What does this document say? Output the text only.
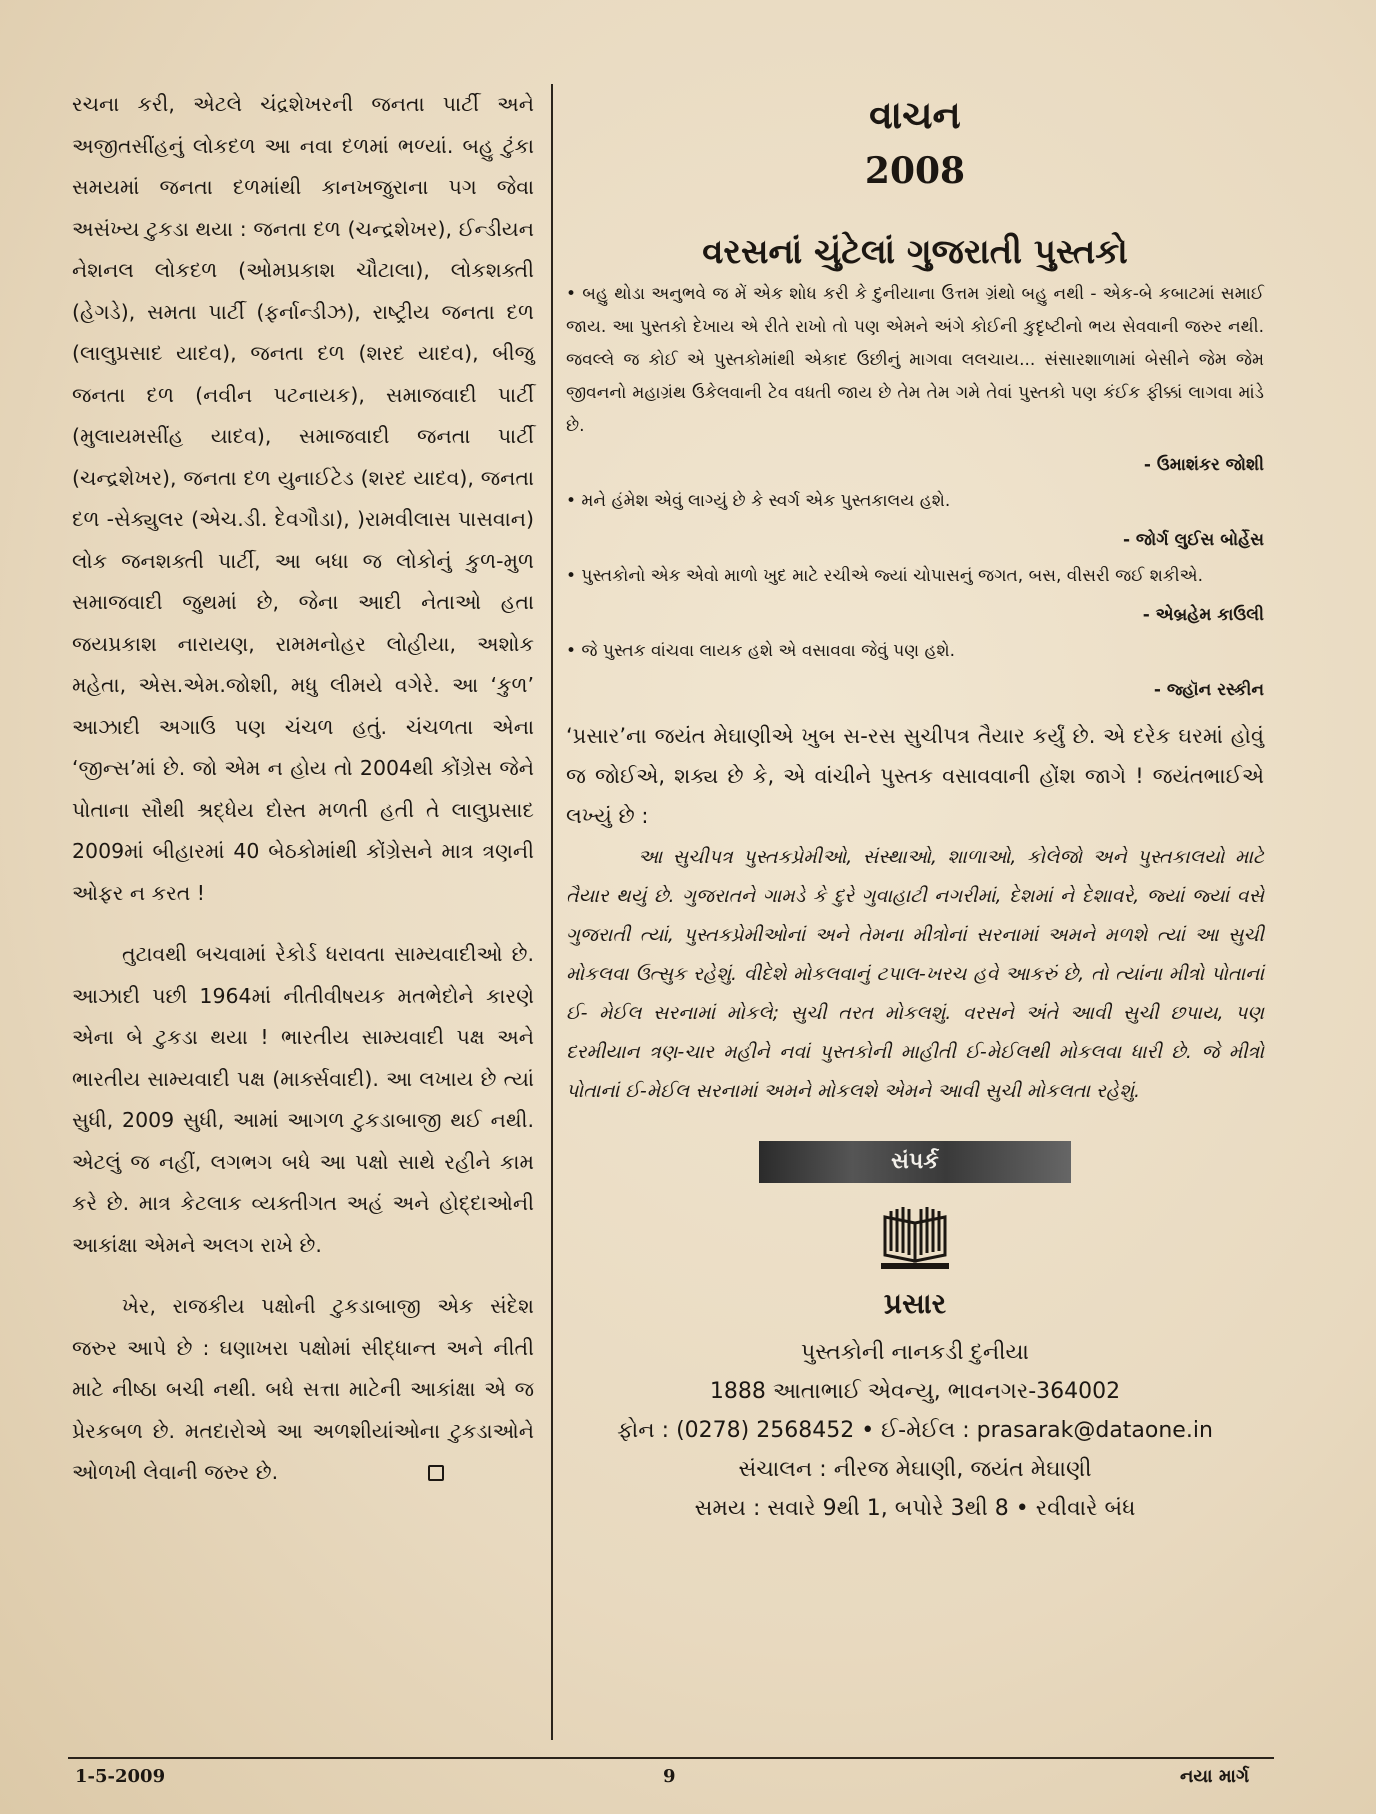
રચના કરી, એટલે ચંદ્રશેખરની જનતા પાર્ટી અને અજીતસીંહનું લોકદળ આ નવા દળમાં ભળ્યાં. બહુ ટુંકા સમયમાં જનતા દળમાંથી કાનખજુરાના પગ જેવા અસંખ્ય ટુકડા થયા : જનતા દળ (ચન્દ્રશેખર), ઈન્ડીયન નેશનલ લોકદળ (ઓમપ્રકાશ ચૌટાલા), લોકશક્તી (હેગડે), સમતા પાર્ટી (ફર્નાન્ડીઝ), રાષ્ટ્રીય જનતા દળ (લાલુપ્રસાદ યાદવ), જનતા દળ (શરદ યાદવ), બીજુ જનતા દળ (નવીન પટનાયક), સમાજવાદી પાર્ટી (મુલાયમસીંહ યાદવ), સમાજવાદી જનતા પાર્ટી (ચન્દ્રશેખર), જનતા દળ યુનાઈટેડ (શરદ યાદવ), જનતા દળ -સેક્યુલર (એચ.ડી. દેવગૌડા), )રામવીલાસ પાસવાન) લોક જનશક્તી પાર્ટી, આ બધા જ લોકોનું કુળ-મુળ સમાજવાદી જુથમાં છે, જેના આદી નેતાઓ હતા જયપ્રકાશ નારાયણ, રામમનોહર લોહીયા, અશોક મહેતા, એસ.એમ.જોશી, મધુ લીમયે વગેરે. આ ‘કુળ’ આઝાદી અગાઉ પણ ચંચળ હતું. ચંચળતા એના ‘જીન્સ’માં છે. જો એમ ન હોય તો 2004થી કોંગ્રેસ જેને પોતાના સૌથી શ્રદ્ધેય દોસ્ત મળતી હતી તે લાલુપ્રસાદ 2009માં બીહારમાં 40 બેઠકોમાંથી કોંગ્રેસને માત્ર ત્રણની ઓફર ન કરત !

તુટાવથી બચવામાં રેકોર્ડ ધરાવતા સામ્યવાદીઓ છે. આઝાદી પછી 1964માં નીતીવીષયક મતભેદોને કારણે એના બે ટુકડા થયા ! ભારતીય સામ્યવાદી પક્ષ અને ભારતીય સામ્યવાદી પક્ષ (માર્ક્સવાદી). આ લખાય છે ત્યાં સુધી, 2009 સુધી, આમાં આગળ ટુકડાબાજી થઈ નથી. એટલું જ નહીં, લગભગ બધે આ પક્ષો સાથે રહીને કામ કરે છે. માત્ર કેટલાક વ્યક્તીગત અહં અને હોદ્દાઓની આકાંક્ષા એમને અલગ રાખે છે.

ખેર, રાજકીય પક્ષોની ટુકડાબાજી એક સંદેશ જરુર આપે છે : ઘણાખરા પક્ષોમાં સીદ્ધાન્ત અને નીતી માટે નીષ્ઠા બચી નથી. બધે સત્તા માટેની આકાંક્ષા એ જ પ્રેરકબળ છે. મતદારોએ આ અળશીયાંઓના ટુકડાઓને ઓળખી લેવાની જરુર છે.

વાચન
2008
વરસનાં ચુંટેલાં ગુજરાતી પુસ્તકો
• બહુ થોડા અનુભવે જ મેં એક શોધ કરી કે દુનીયાના ઉત્તમ ગ્રંથો બહુ નથી - એક-બે કબાટમાં સમાઈ જાય. આ પુસ્તકો દેખાય એ રીતે રાખો તો પણ એમને અંગે કોઈની કુદૃષ્ટીનો ભય સેવવાની જરુર નથી. જવલ્લે જ કોઈ એ પુસ્તકોમાંથી એકાદ ઉછીનું માગવા લલચાય... સંસારશાળામાં બેસીને જેમ જેમ જીવનનો મહાગ્રંથ ઉકેલવાની ટેવ વધતી જાય છે તેમ તેમ ગમે તેવાં પુસ્તકો પણ કંઈક ફીક્કાં લાગવા માંડે છે.
- ઉમાશંકર જોશી
• મને હંમેશ એવું લાગ્યું છે કે સ્વર્ગ એક પુસ્તકાલય હશે.
- જોર્ગ લુઈસ બોર્હેસ
• પુસ્તકોનો એક એવો માળો ખુદ માટે રચીએ જ્યાં ચોપાસનું જગત, બસ, વીસરી જઈ શકીએ.
- એબ્રહેમ કાઉલી
• જે પુસ્તક વાંચવા લાયક હશે એ વસાવવા જેવું પણ હશે.
- જ્હૉન રસ્કીન
‘પ્રસાર’ના જયંત મેઘાણીએ ખુબ સ-રસ સુચીપત્ર તૈયાર કર્યું છે. એ દરેક ઘરમાં હોવું જ જોઈએ, શક્ય છે કે, એ વાંચીને પુસ્તક વસાવવાની હોંશ જાગે ! જયંતભાઈએ લખ્યું છે :
આ સુચીપત્ર પુસ્તકપ્રેમીઓ, સંસ્થાઓ, શાળાઓ, કોલેજો અને પુસ્તકાલયો માટે તૈયાર થયું છે. ગુજરાતને ગામડે કે દુરે ગુવાહાટી નગરીમાં, દેશમાં ને દેશાવરે, જ્યાં જ્યાં વસે ગુજરાતી ત્યાં, પુસ્તકપ્રેમીઓનાં અને તેમના મીત્રોનાં સરનામાં અમને મળશે ત્યાં આ સુચી મોકલવા ઉત્સુક રહેશું. વીદેશે મોકલવાનું ટપાલ-ખરચ હવે આકરું છે, તો ત્યાંના મીત્રો પોતાનાં ઈ- મેઈલ સરનામાં મોકલે; સુચી તરત મોકલશું. વરસને અંતે આવી સુચી છપાય, પણ દરમીયાન ત્રણ-ચાર મહીને નવાં પુસ્તકોની માહીતી ઈ-મેઈલથી મોકલવા ધારી છે. જે મીત્રો પોતાનાં ઈ-મેઈલ સરનામાં અમને મોકલશે એમને આવી સુચી મોકલતા રહેશું.
સંપર્ક
પ્રસાર
પુસ્તકોની નાનકડી દુનીયા
1888 આતાભાઈ એવન્યુ, ભાવનગર-364002
ફોન : (0278) 2568452 • ઈ-મેઈલ : prasarak@dataone.in
સંચાલન : નીરજ મેઘાણી, જયંત મેઘાણી
સમય : સવારે 9થી 1, બપોરે 3થી 8 • રવીવારે બંધ
1-5-2009	9	નયા માર્ગ
